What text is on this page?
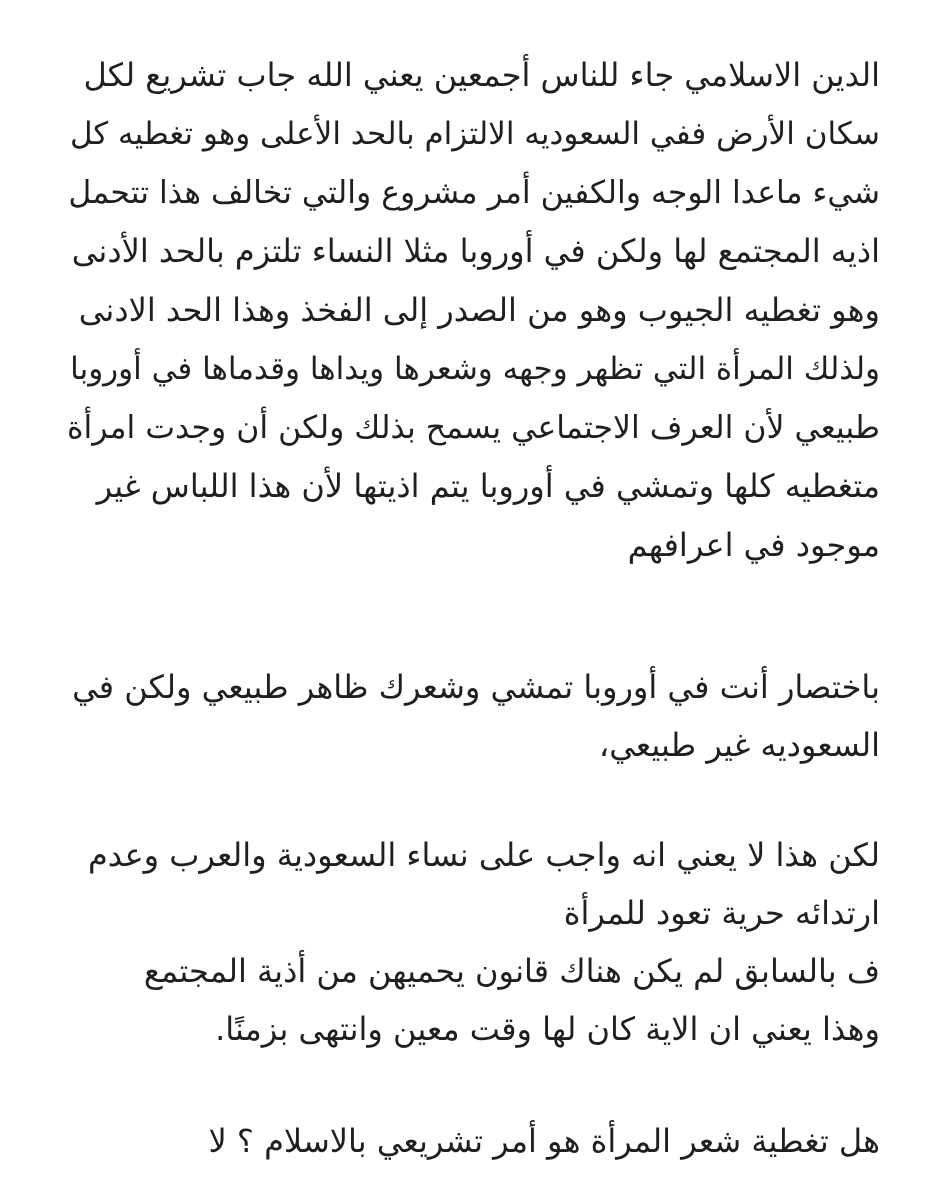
الدين الاسلامي جاء للناس أجمعين يعني الله جاب تشريع لكل
سكان الأرض ففي السعوديه الالتزام بالحد الأعلى وهو تغطيه كل
شيء ماعدا الوجه والكفين أمر مشروع والتي تخالف هذا تتحمل
اذيه المجتمع لها ولكن في أوروبا مثلا النساء تلتزم بالحد الأدنى
وهو تغطيه الجيوب وهو من الصدر إلى الفخذ وهذا الحد الادنى
ولذلك المرأة التي تظهر وجهه وشعرها ويداها وقدماها في أوروبا
طبيعي لأن العرف الاجتماعي يسمح بذلك ولكن أن وجدت امرأة
متغطيه كلها وتمشي في أوروبا يتم اذيتها لأن هذا اللباس غير
موجود في اعرافهم
باختصار أنت في أوروبا تمشي وشعرك ظاهر طبيعي ولكن في
السعوديه غير طبيعي،
لكن هذا لا يعني انه واجب على نساء السعودية والعرب وعدم
ارتدائه حرية تعود للمرأة
ف بالسابق لم يكن هناك قانون يحميهن من أذية المجتمع
وهذا يعني ان الاية كان لها وقت معين وانتهى بزمنًا.
هل تغطية شعر المرأة هو أمر تشريعي بالاسلام ؟ لا
